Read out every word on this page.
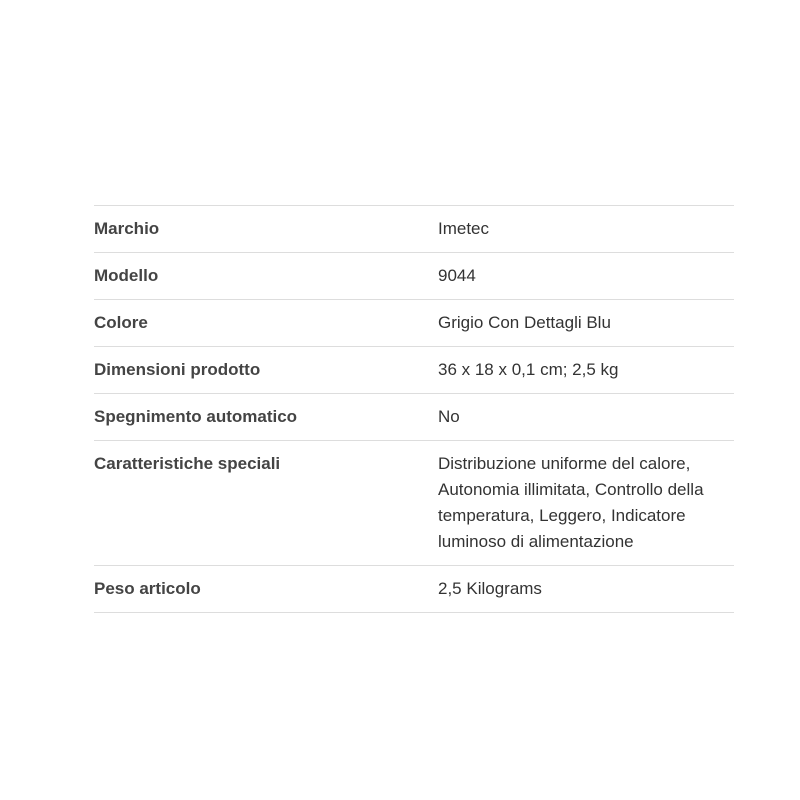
Marchio	Imetec
Modello	9044
Colore	Grigio Con Dettagli Blu
Dimensioni prodotto	36 x 18 x 0,1 cm; 2,5 kg
Spegnimento automatico	No
Caratteristiche speciali	Distribuzione uniforme del calore, Autonomia illimitata, Controllo della temperatura, Leggero, Indicatore luminoso di alimentazione
Peso articolo	2,5 Kilograms
